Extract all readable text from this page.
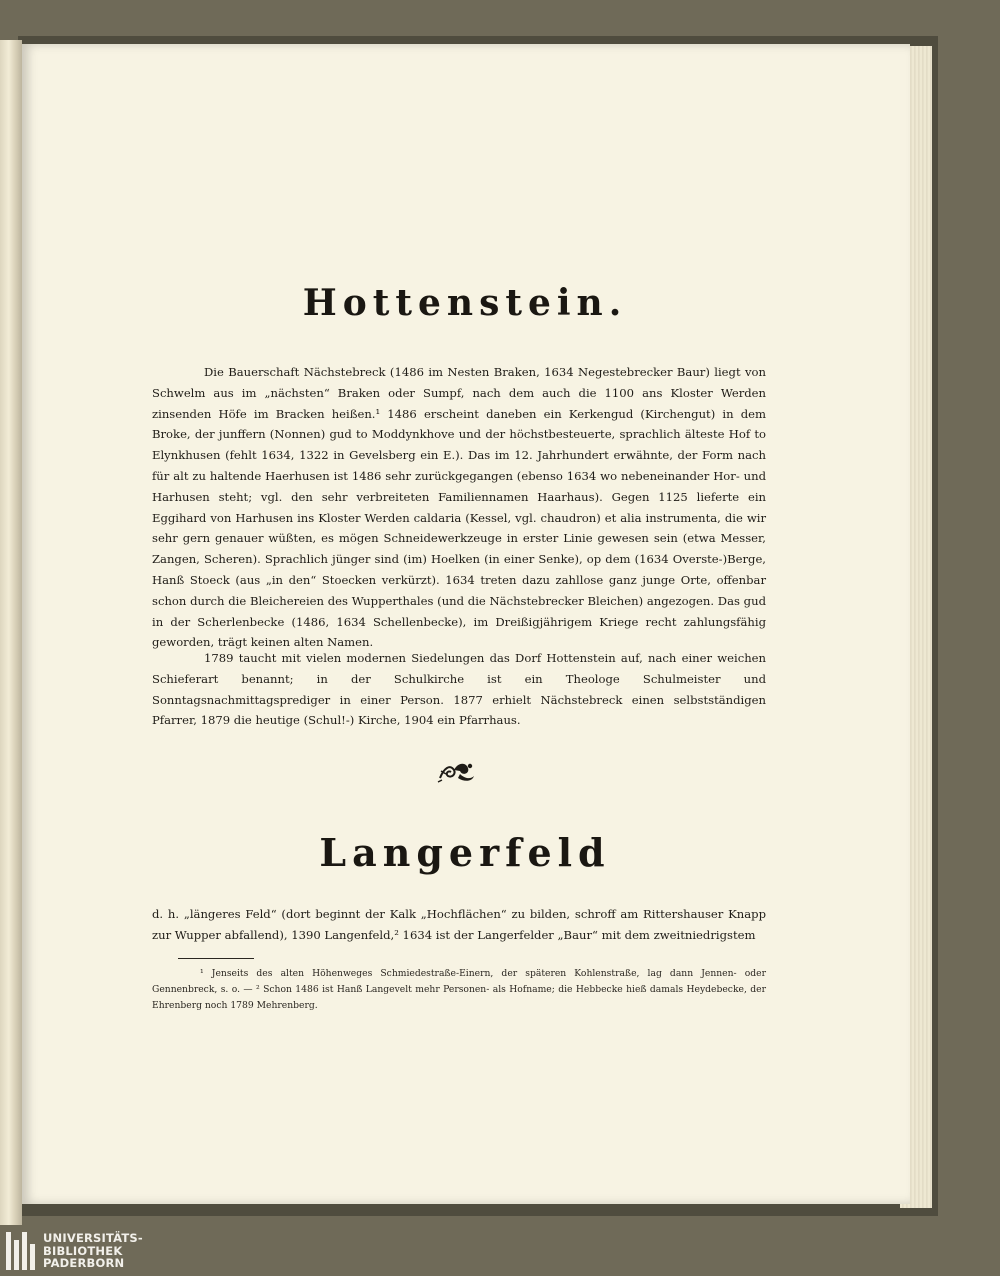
Hottenstein.

Die Bauerschaft Nächstebreck (1486 im Nesten Braken, 1634 Negestebrecker Baur) liegt von Schwelm aus im „nächsten“ Braken oder Sumpf, nach dem auch die 1100 ans Kloster Werden zinsenden Höfe im Bracken heißen.¹ 1486 erscheint daneben ein Kerkengud (Kirchengut) in dem Broke, der junffern (Nonnen) gud to Moddynkhove und der höchstbesteuerte, sprachlich älteste Hof to Elynkhusen (fehlt 1634, 1322 in Gevelsberg ein E.). Das im 12. Jahrhundert erwähnte, der Form nach für alt zu haltende Haerhusen ist 1486 sehr zurückgegangen (ebenso 1634 wo nebeneinander Hor- und Harhusen steht; vgl. den sehr verbreiteten Familiennamen Haarhaus). Gegen 1125 lieferte ein Eggihard von Harhusen ins Kloster Werden caldaria (Kessel, vgl. chaudron) et alia instrumenta, die wir sehr gern genauer wüßten, es mögen Schneidewerkzeuge in erster Linie gewesen sein (etwa Messer, Zangen, Scheren). Sprachlich jünger sind (im) Hoelken (in einer Senke), op dem (1634 Overste-)Berge, Hanß Stoeck (aus „in den“ Stoecken verkürzt). 1634 treten dazu zahllose ganz junge Orte, offenbar schon durch die Bleichereien des Wupperthales (und die Nächstebrecker Bleichen) angezogen. Das gud in der Scherlenbecke (1486, 1634 Schellenbecke), im Dreißigjährigem Kriege recht zahlungsfähig geworden, trägt keinen alten Namen.

1789 taucht mit vielen modernen Siedelungen das Dorf Hottenstein auf, nach einer weichen Schieferart benannt; in der Schulkirche ist ein Theologe Schulmeister und Sonntagsnachmittagsprediger in einer Person. 1877 erhielt Nächstebreck einen selbstständigen Pfarrer, 1879 die heutige (Schul!-) Kirche, 1904 ein Pfarrhaus.

Langerfeld

d. h. „längeres Feld“ (dort beginnt der Kalk „Hochflächen“ zu bilden, schroff am Rittershauser Knapp zur Wupper abfallend), 1390 Langenfeld,² 1634 ist der Langerfelder „Baur“ mit dem zweitniedrigstem

¹ Jenseits des alten Höhenweges Schmiedestraße-Einern, der späteren Kohlenstraße, lag dann Jennen- oder Gennenbreck, s. o. — ² Schon 1486 ist Hanß Langevelt mehr Personen- als Hofname; die Hebbecke hieß damals Heydebecke, der Ehrenberg noch 1789 Mehrenberg.

UNIVERSITÄTS-
BIBLIOTHEK
PADERBORN
